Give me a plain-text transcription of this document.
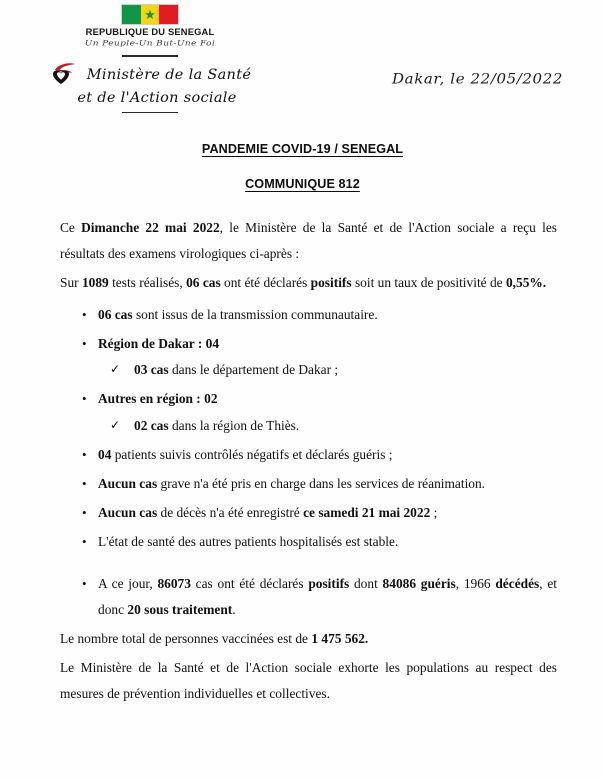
★
REPUBLIQUE DU SENEGAL
Un Peuple-Un But-Une Foi
Ministère de la Santé
et de l'Action sociale
Dakar, le 22/05/2022
PANDEMIE COVID-19 / SENEGAL
COMMUNIQUE 812

Ce Dimanche 22 mai 2022, le Ministère de la Santé et de l'Action sociale a reçu les résultats des examens virologiques ci-après :

Sur 1089 tests réalisés, 06 cas ont été déclarés positifs soit un taux de positivité de 0,55%.

• 06 cas sont issus de la transmission communautaire.
• Région de Dakar : 04
✓ 03 cas dans le département de Dakar ;
• Autres en région : 02
✓ 02 cas dans la région de Thiès.
• 04 patients suivis contrôlés négatifs et déclarés guéris ;
• Aucun cas grave n'a été pris en charge dans les services de réanimation.
• Aucun cas de décès n'a été enregistré ce samedi 21 mai 2022 ;
• L'état de santé des autres patients hospitalisés est stable.
• A ce jour, 86073 cas ont été déclarés positifs dont 84086 guéris, 1966 décédés, et donc 20 sous traitement.

Le nombre total de personnes vaccinées est de 1 475 562.

Le Ministère de la Santé et de l'Action sociale exhorte les populations au respect des mesures de prévention individuelles et collectives.
